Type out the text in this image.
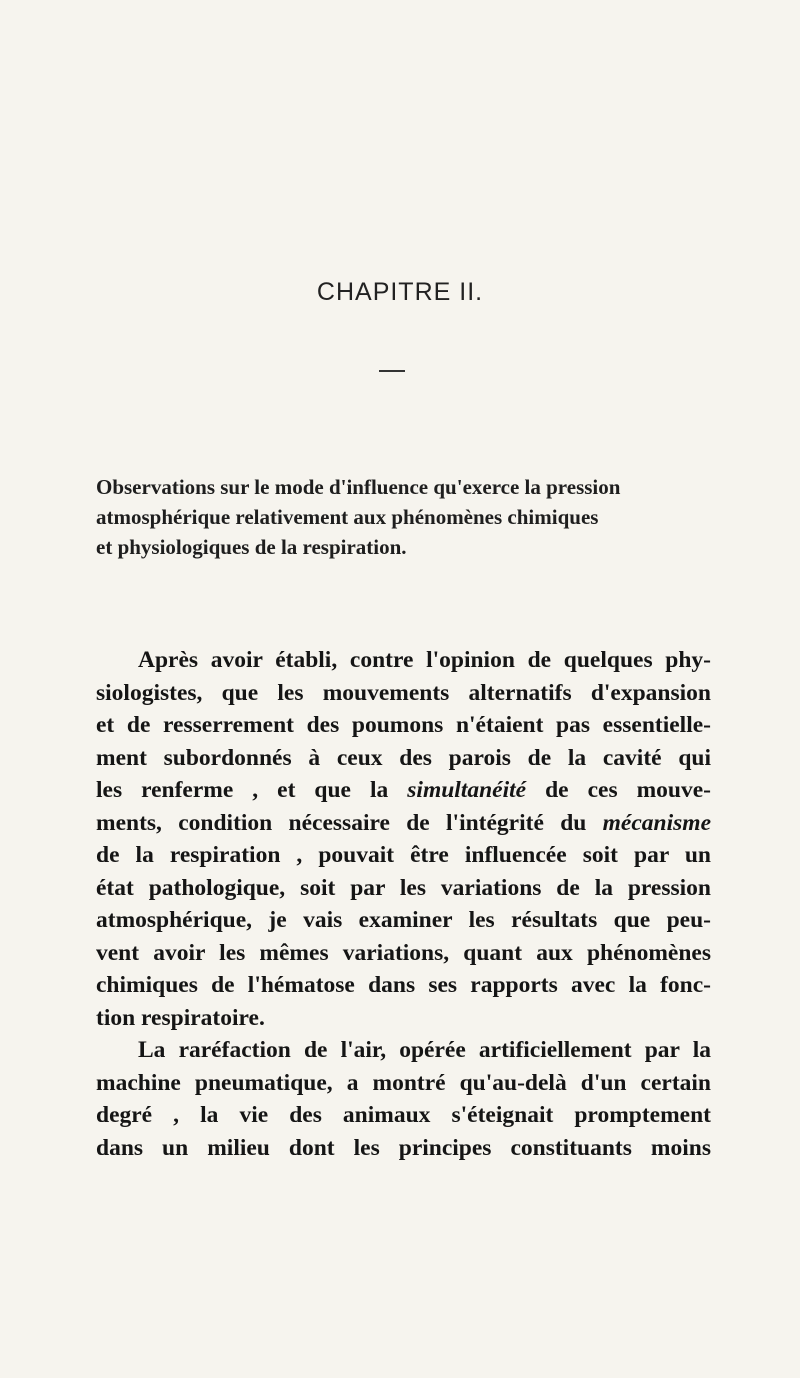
CHAPITRE II.
Observations sur le mode d'influence qu'exerce la pression
atmosphérique relativement aux phénomènes chimiques
et physiologiques de la respiration.
Après avoir établi, contre l'opinion de quelques phy-
siologistes, que les mouvements alternatifs d'expansion
et de resserrement des poumons n'étaient pas essentielle-
ment subordonnés à ceux des parois de la cavité qui
les renferme , et que la simultanéité de ces mouve-
ments, condition nécessaire de l'intégrité du mécanisme
de la respiration , pouvait être influencée soit par un
état pathologique, soit par les variations de la pression
atmosphérique, je vais examiner les résultats que peu-
vent avoir les mêmes variations, quant aux phénomènes
chimiques de l'hématose dans ses rapports avec la fonc-
tion respiratoire.
La raréfaction de l'air, opérée artificiellement par la
machine pneumatique, a montré qu'au-delà d'un certain
degré , la vie des animaux s'éteignait promptement
dans un milieu dont les principes constituants moins
